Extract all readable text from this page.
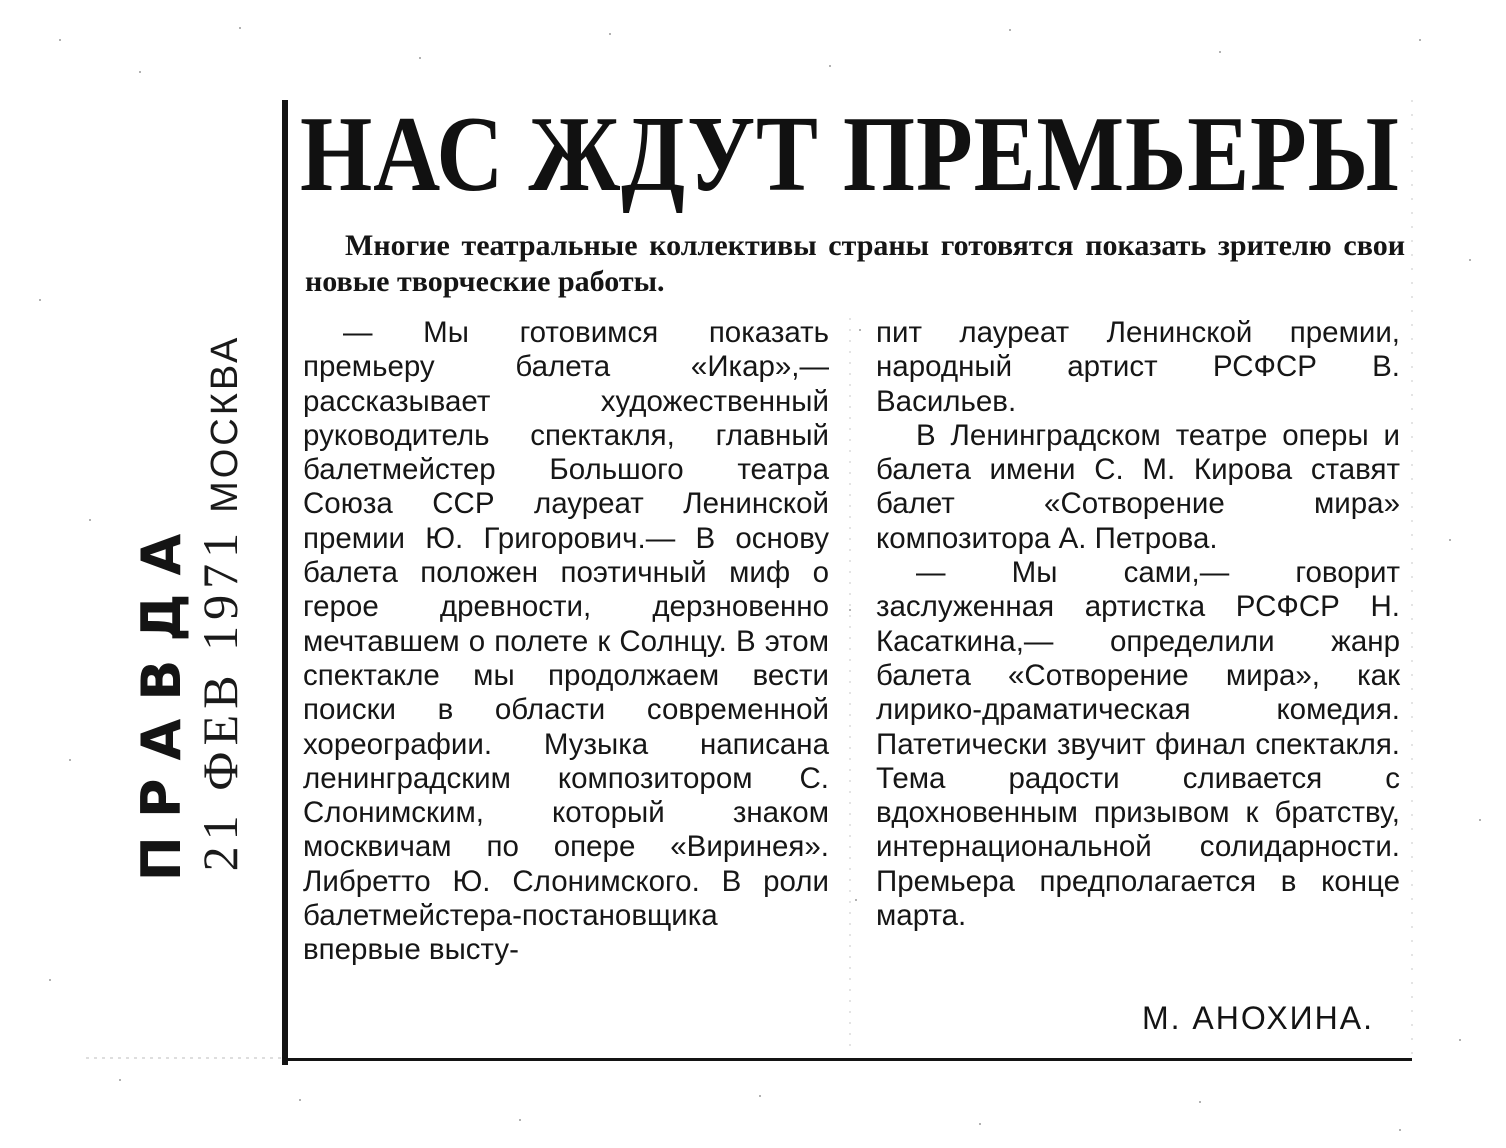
ПРАВДА 21 ФЕВ 1971МОСКВА
НАС ЖДУТ ПРЕМЬЕРЫ
Многие театральные коллективы страны готовятся показать зрителю свои новые творческие работы.

— Мы готовимся показать премьеру балета «Икар»,— рассказывает художественный руководитель спектакля, главный балетмейстер Большого театра Союза ССР лауреат Ленинской премии Ю. Григорович.— В основу балета положен поэтичный миф о герое древности, дерзновенно мечтавшем о полете к Солнцу. В этом спектакле мы продолжаем вести поиски в области современной хореографии. Музыка написана ленинградским композитором С. Слонимским, который знаком москвичам по опере «Виринея». Либретто Ю. Слонимского. В роли балетмейстера-постановщика впервые высту-

пит лауреат Ленинской премии, народный артист РСФСР В. Васильев.

В Ленинградском театре оперы и балета имени С. М. Кирова ставят балет «Сотворение мира» композитора А. Петрова.

— Мы сами,— говорит заслуженная артистка РСФСР Н. Касаткина,— определили жанр балета «Сотворение мира», как лирико-драматическая комедия. Патетически звучит финал спектакля. Тема радости сливается с вдохновенным призывом к братству, интернациональной солидарности. Премьера предполагается в конце марта.

М. АНОХИНА.
